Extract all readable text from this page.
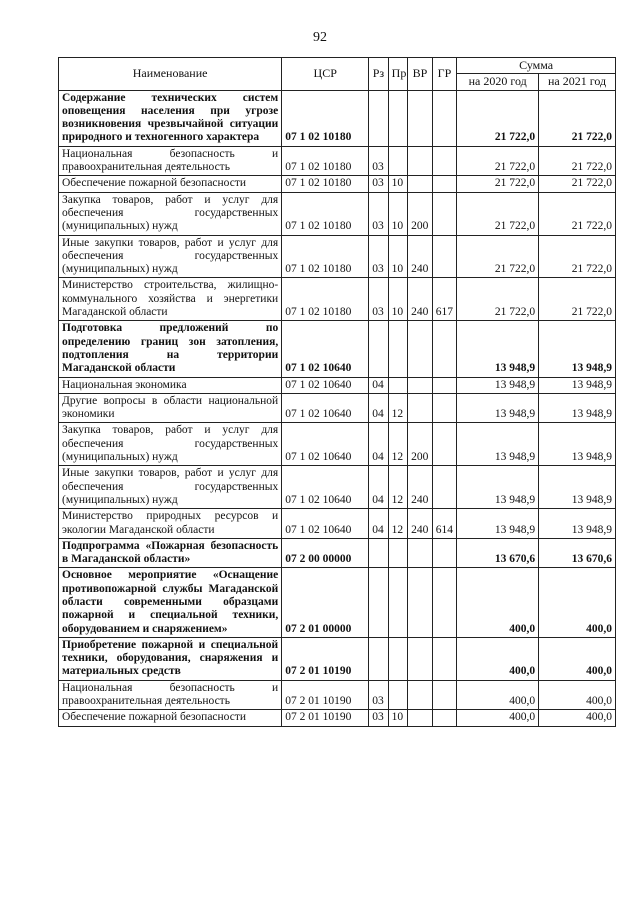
92
Наименование	ЦСР	Рз	Пр	ВР	ГР	Сумма	
						на 2020 год	на 2021 год
Содержание технических систем оповещения населения при угрозе возникновения чрезвычайной ситуации природного и техногенного характера	07 1 02 10180					21 722,0	21 722,0
Национальная безопасность и правоохранительная деятельность	07 1 02 10180	03				21 722,0	21 722,0
Обеспечение пожарной безопасности	07 1 02 10180	03	10			21 722,0	21 722,0
Закупка товаров, работ и услуг для обеспечения государственных (муниципальных) нужд	07 1 02 10180	03	10	200		21 722,0	21 722,0
Иные закупки товаров, работ и услуг для обеспечения государственных (муниципальных) нужд	07 1 02 10180	03	10	240		21 722,0	21 722,0
Министерство строительства, жилищно-коммунального хозяйства и энергетики Магаданской области	07 1 02 10180	03	10	240	617	21 722,0	21 722,0
Подготовка предложений по определению границ зон затопления, подтопления на территории Магаданской области	07 1 02 10640					13 948,9	13 948,9
Национальная экономика	07 1 02 10640	04				13 948,9	13 948,9
Другие вопросы в области национальной экономики	07 1 02 10640	04	12			13 948,9	13 948,9
Закупка товаров, работ и услуг для обеспечения государственных (муниципальных) нужд	07 1 02 10640	04	12	200		13 948,9	13 948,9
Иные закупки товаров, работ и услуг для обеспечения государственных (муниципальных) нужд	07 1 02 10640	04	12	240		13 948,9	13 948,9
Министерство природных ресурсов и экологии Магаданской области	07 1 02 10640	04	12	240	614	13 948,9	13 948,9
Подпрограмма «Пожарная безопасность в Магаданской области»	07 2 00 00000					13 670,6	13 670,6
Основное мероприятие «Оснащение противопожарной службы Магаданской области современными образцами пожарной и специальной техники, оборудованием и снаряжением»	07 2 01 00000					400,0	400,0
Приобретение пожарной и специальной техники, оборудования, снаряжения и материальных средств	07 2 01 10190					400,0	400,0
Национальная безопасность и правоохранительная деятельность	07 2 01 10190	03				400,0	400,0
Обеспечение пожарной безопасности	07 2 01 10190	03	10			400,0	400,0
